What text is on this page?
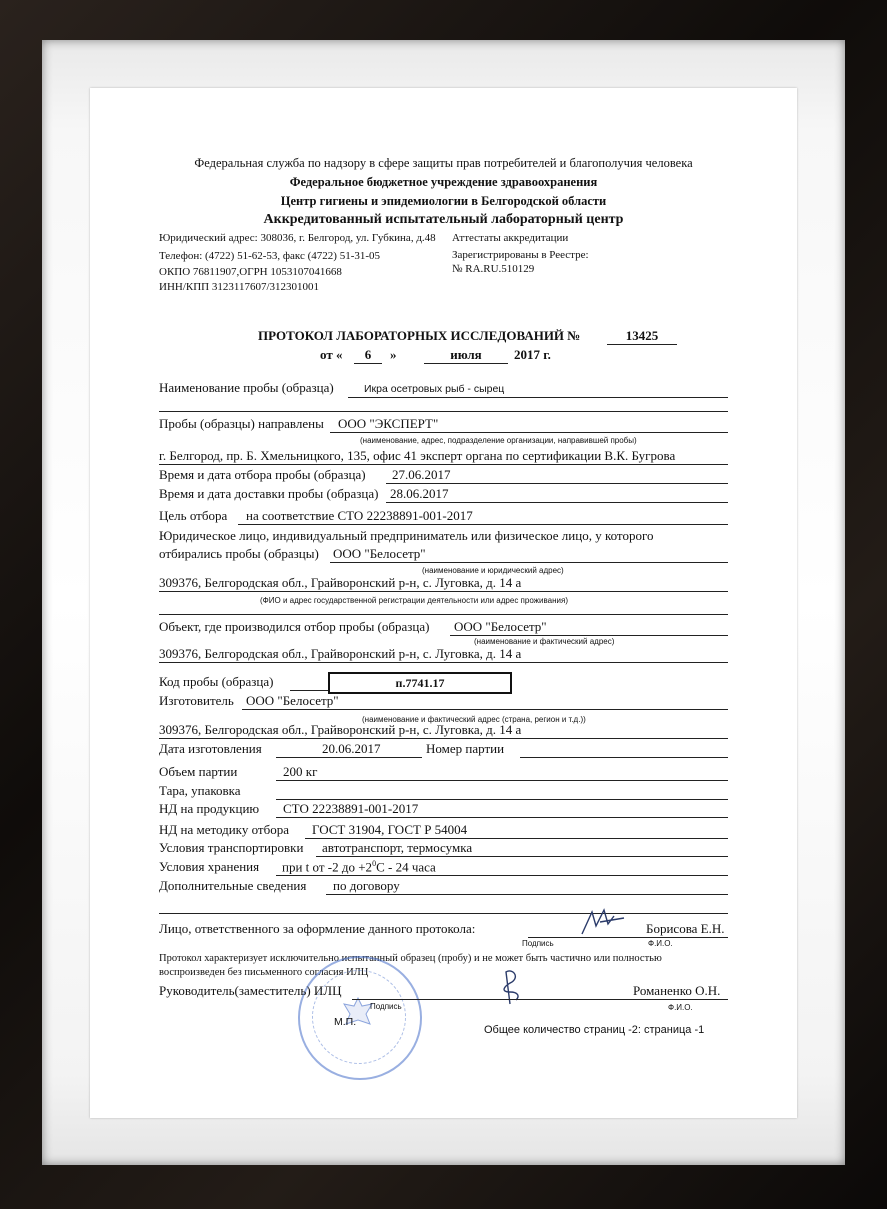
Федеральная служба по надзору в сфере защиты прав потребителей и благополучия человека
Федеральное бюджетное учреждение здравоохранения
Центр гигиены и эпидемиологии в Белгородской области
Аккредитованный испытательный лабораторный центр
Юридический адрес: 308036, г. Белгород, ул. Губкина, д.48
Телефон: (4722) 51-62-53, факс (4722) 51-31-05
ОКПО 76811907,ОГРН 1053107041668
ИНН/КПП 3123117607/312301001
Аттестаты аккредитации
Зарегистрированы в Реестре:
№ RA.RU.510129
ПРОТОКОЛ ЛАБОРАТОРНЫХ ИССЛЕДОВАНИЙ №	13425
от «	6	»	июля	2017 г.
Наименование пробы (образца)	Икра осетровых рыб - сырец
Пробы (образцы) направлены ООО "ЭКСПЕРТ"
(наименование, адрес, подразделение организации, направившей пробы)
г. Белгород, пр. Б. Хмельницкого, 135, офис 41 эксперт органа по сертификации В.К. Бугрова
Время и дата отбора пробы (образца) 27.06.2017
Время и дата доставки пробы (образца) 28.06.2017
Цель отбора на соответствие СТО 22238891-001-2017
Юридическое лицо, индивидуальный предприниматель или физическое лицо, у которого
отбирались пробы (образцы) ООО "Белосетр"
(наименование и юридический адрес)
309376, Белгородская обл., Грайворонский р-н, с. Луговка, д. 14 а
(ФИО и адрес государственной регистрации деятельности или адрес проживания)
Объект, где производился отбор пробы (образца) ООО "Белосетр"
(наименование и фактический адрес)
309376, Белгородская обл., Грайворонский р-н, с. Луговка, д. 14 а
Код пробы (образца)	п.7741.17
Изготовитель ООО "Белосетр"
(наименование и фактический адрес (страна, регион и т.д.))
309376, Белгородская обл., Грайворонский р-н, с. Луговка, д. 14 а
Дата изготовления	20.06.2017	Номер партии
Объем партии	200 кг
Тара, упаковка
НД на продукцию СТО 22238891-001-2017
НД на методику отбора ГОСТ 31904, ГОСТ Р 54004
Условия транспортировки автотранспорт, термосумка
Условия хранения при t от -2 до $+2^0С - 24$ часа
Дополнительные сведения по договору
Лицо, ответственного за оформление данного протокола:	Борисова Е.Н.
Подпись	Ф.И.О.
Протокол характеризует исключительно испытанный образец (пробу) и не может быть частично или полностью
воспроизведен без письменного согласия ИЛЦ
Руководитель(заместитель) ИЛЦ	Романенко О.Н.
Подпись	Ф.И.О.
М.П.
Общее количество страниц -2: страница -1
